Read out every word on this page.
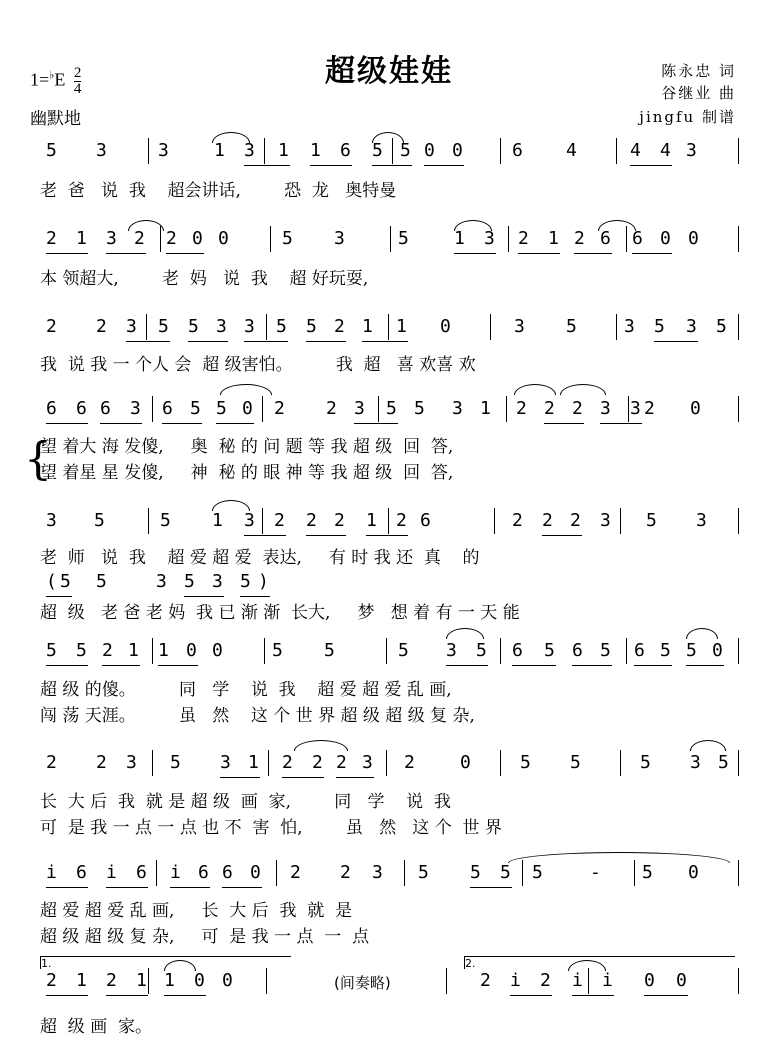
超级娃娃
$1=^♭E \frac{2}{4}$
幽默地
陈永忠 词
谷继业 曲
jingfu 制谱
5 3	3	1 3 1 1 6 5 5 0 0	6 4	4 4 3
老  爸   说  我    超会讲话,        恐  龙   奥特曼
2 1 3 2 2 0 0	5 3	5	1 3 2 1 2 6 6 0 0
本 领超大,        老  妈   说  我    超 好玩耍,
2 2 3 5 5 3 3 5 5 2 1 1 0	3 5	3 5 3 5
我  说 我 一 个人 会  超 级害怕。        我  超   喜 欢喜 欢
6 6 6 3 6 5 5 0 2 2 3 5 5 3 1 2 2 2 3 3 2 0
望 着大 海 发傻,     奥  秘 的 问 题 等 我 超 级  回  答,
望 着星 星 发傻,     神  秘 的 眼 神 等 我 超 级  回  答,
3 5	5 1 3 2 2 2 1 2 6	2 2 2 3 5 3
老  师   说  我    超 爱 超 爱  表达,     有 时 我 还  真    的
( 5 5	3 5 3 5 )
超  级   老 爸 老 妈  我 已 渐 渐  长大,     梦   想 着 有 一 天 能
5 5 2 1 1 0 0	5 5	5 3 5 6 5 6 5 6 5 5 0
超 级 的傻。        同   学    说  我    超 爱 超 爱 乱 画,
闯 荡 天涯。        虽   然    这 个 世 界 超 级 超 级 复 杂,
2 2 3 5 3 1 2 2 2 3 2	0	5 5	5 3 5
长  大 后  我  就 是 超 级  画  家,        同   学    说  我
可  是 我 一 点 一 点 也 不  害  怕,        虽   然   这 个  世 界
i 6 i 6 i 6 6 0 2 2 3 5 5 5 5	- 5 0
超 爱 超 爱 乱 画,     长  大 后  我  就  是
超 级 超 级 复 杂,     可  是 我 一 点  一  点
2 1 2 1 1 0 0	2 i 2 i i 0 0
超  级 画  家。
1.	2.
(间奏略)
{
